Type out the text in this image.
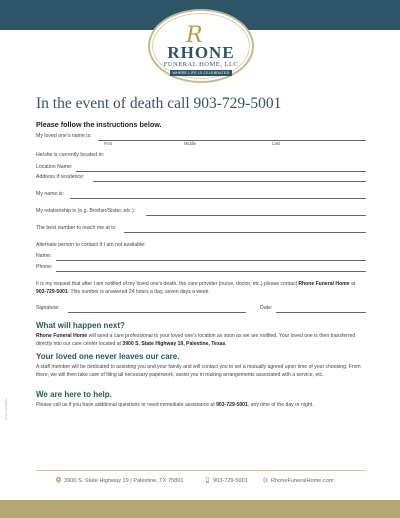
R
RHONE
FUNERAL HOME, LLC
WHERE LIFE IS CELEBRATED
In the event of death call 903-729-5001
Please follow the instructions below.
My loved one's name is:
First	Middle	Last
He/she is currently located in:
Location Name:
Address if residence:
My name is:
My relationship is (e.g. Brother/Sister, etc.):
The best number to reach me at is:
Alternate person to contact if I am not available:
Name:
Phone:
It is my request that after I am notified of my loved one's death, the care provider (nurse, doctor, etc.) please contact Rhone Funeral Home at 903-729-5001. This number is answered 24 hours a day, seven days a week.
Signature:	Date:
What will happen next?
Rhone Funeral Home will send a care professional to your loved one's location as soon as we are notified. Your loved one is then transferred directly into our care center located at 3900 S. State Highway 19, Palestine, Texas.
Your loved one never leaves our care.
A staff member will be dedicated to assisting you and your family and will contact you to set a mutually agreed upon time of your choosing. From there, we will then take care of filing all necessary paperwork, assist you in making arrangements associated with a service, etc.
We are here to help.
Please call us if you have additional questions or need immediate assistance at 903-729-5001, any time of the day or night.
RFH-2016-0001
3900 S. State Highway 19 | Palestine, TX 75801	903-729-5001	RhoneFuneralHome.com
